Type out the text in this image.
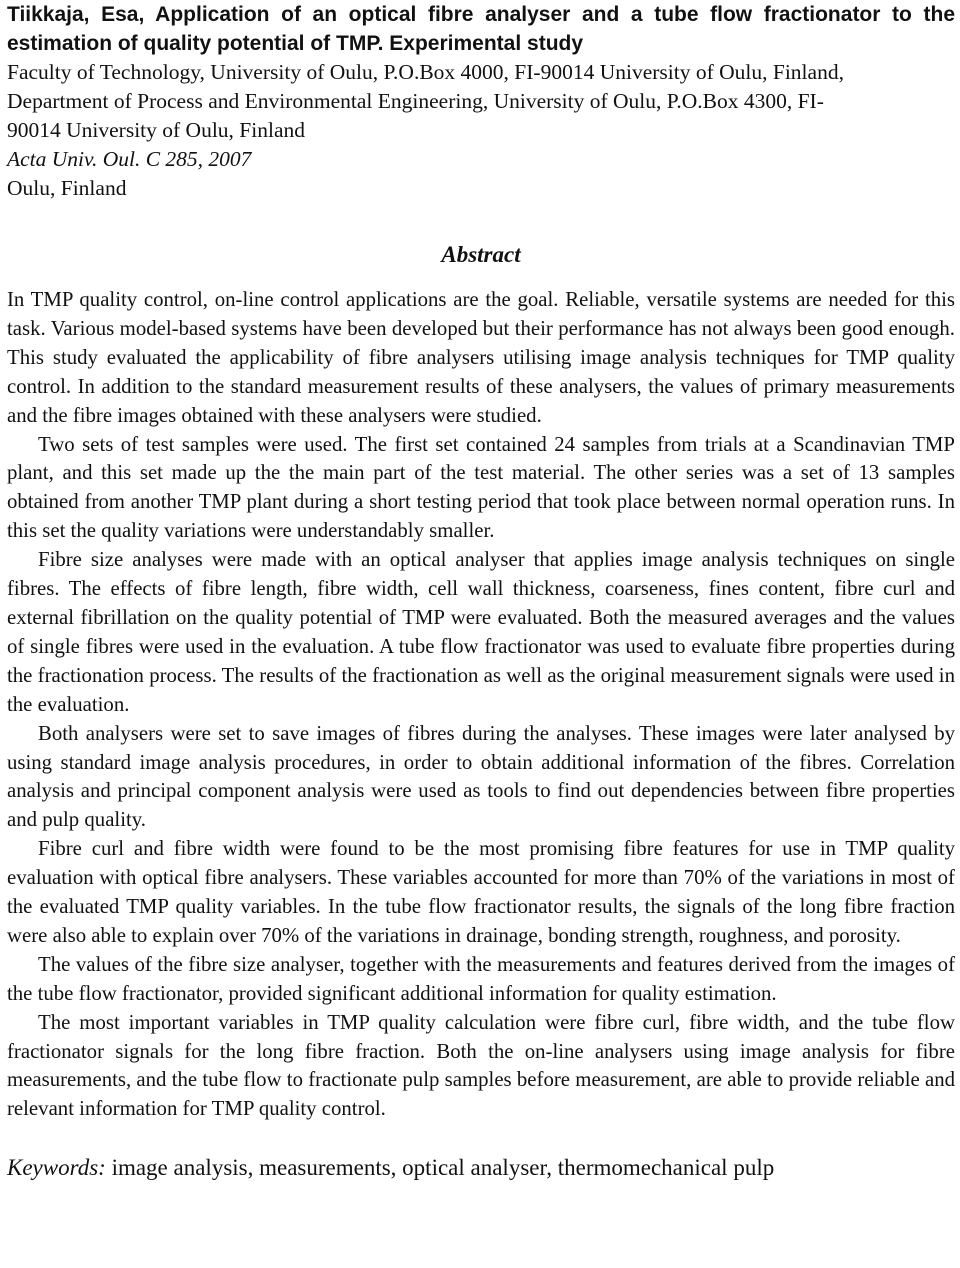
Tiikkaja, Esa, Application of an optical fibre analyser and a tube flow fractionator to the estimation of quality potential of TMP. Experimental study

Faculty of Technology, University of Oulu, P.O.Box 4000, FI-90014 University of Oulu, Finland,
Department of Process and Environmental Engineering, University of Oulu, P.O.Box 4300, FI-
90014 University of Oulu, Finland

Acta Univ. Oul. C 285, 2007

Oulu, Finland

Abstract

In TMP quality control, on-line control applications are the goal. Reliable, versatile systems are needed for this task. Various model-based systems have been developed but their performance has not always been good enough. This study evaluated the applicability of fibre analysers utilising image analysis techniques for TMP quality control. In addition to the standard measurement results of these analysers, the values of primary measurements and the fibre images obtained with these analysers were studied.

Two sets of test samples were used. The first set contained 24 samples from trials at a Scandinavian TMP plant, and this set made up the the main part of the test material. The other series was a set of 13 samples obtained from another TMP plant during a short testing period that took place between normal operation runs. In this set the quality variations were understandably smaller.

Fibre size analyses were made with an optical analyser that applies image analysis techniques on single fibres. The effects of fibre length, fibre width, cell wall thickness, coarseness, fines content, fibre curl and external fibrillation on the quality potential of TMP were evaluated. Both the measured averages and the values of single fibres were used in the evaluation. A tube flow fractionator was used to evaluate fibre properties during the fractionation process. The results of the fractionation as well as the original measurement signals were used in the evaluation.

Both analysers were set to save images of fibres during the analyses. These images were later analysed by using standard image analysis procedures, in order to obtain additional information of the fibres. Correlation analysis and principal component analysis were used as tools to find out dependencies between fibre properties and pulp quality.

Fibre curl and fibre width were found to be the most promising fibre features for use in TMP quality evaluation with optical fibre analysers. These variables accounted for more than 70% of the variations in most of the evaluated TMP quality variables. In the tube flow fractionator results, the signals of the long fibre fraction were also able to explain over 70% of the variations in drainage, bonding strength, roughness, and porosity.

The values of the fibre size analyser, together with the measurements and features derived from the images of the tube flow fractionator, provided significant additional information for quality estimation.

The most important variables in TMP quality calculation were fibre curl, fibre width, and the tube flow fractionator signals for the long fibre fraction. Both the on-line analysers using image analysis for fibre measurements, and the tube flow to fractionate pulp samples before measurement, are able to provide reliable and relevant information for TMP quality control.

Keywords: image analysis, measurements, optical analyser, thermomechanical pulp
